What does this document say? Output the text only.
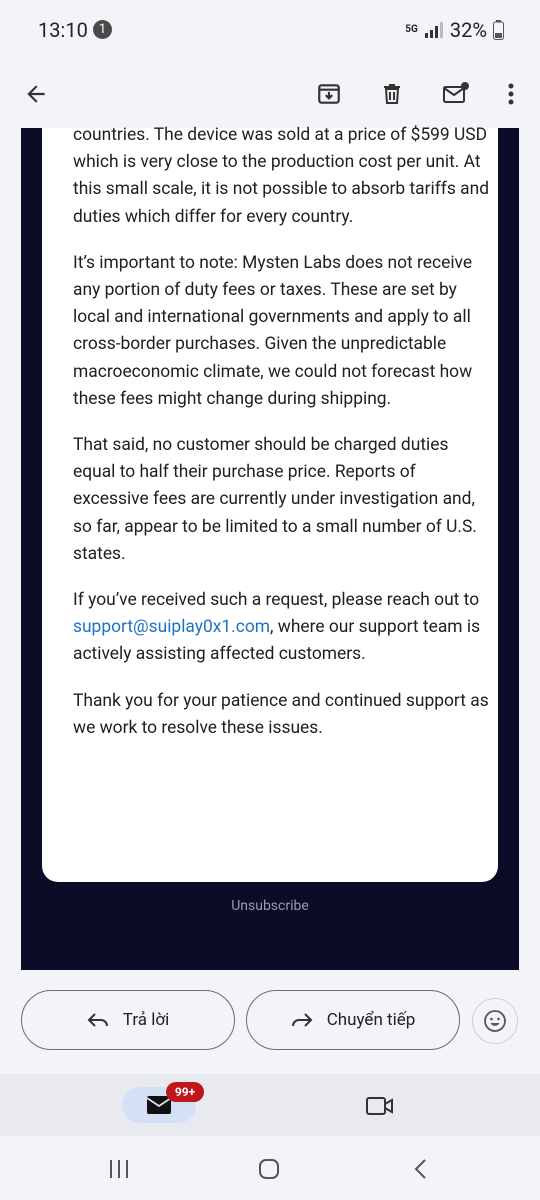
13:10 1	5G 32%

countries. The device was sold at a price of $599 USD which is very close to the production cost per unit. At this small scale, it is not possible to absorb tariffs and duties which differ for every country.

It’s important to note: Mysten Labs does not receive any portion of duty fees or taxes. These are set by local and international governments and apply to all cross-border purchases. Given the unpredictable macroeconomic climate, we could not forecast how these fees might change during shipping.

That said, no customer should be charged duties equal to half their purchase price. Reports of excessive fees are currently under investigation and, so far, appear to be limited to a small number of U.S. states.

If you’ve received such a request, please reach out to support@suiplay0x1.com, where our support team is actively assisting affected customers.

Thank you for your patience and continued support as we work to resolve these issues.

Unsubscribe
Trả lời	Chuyển tiếp
99+
